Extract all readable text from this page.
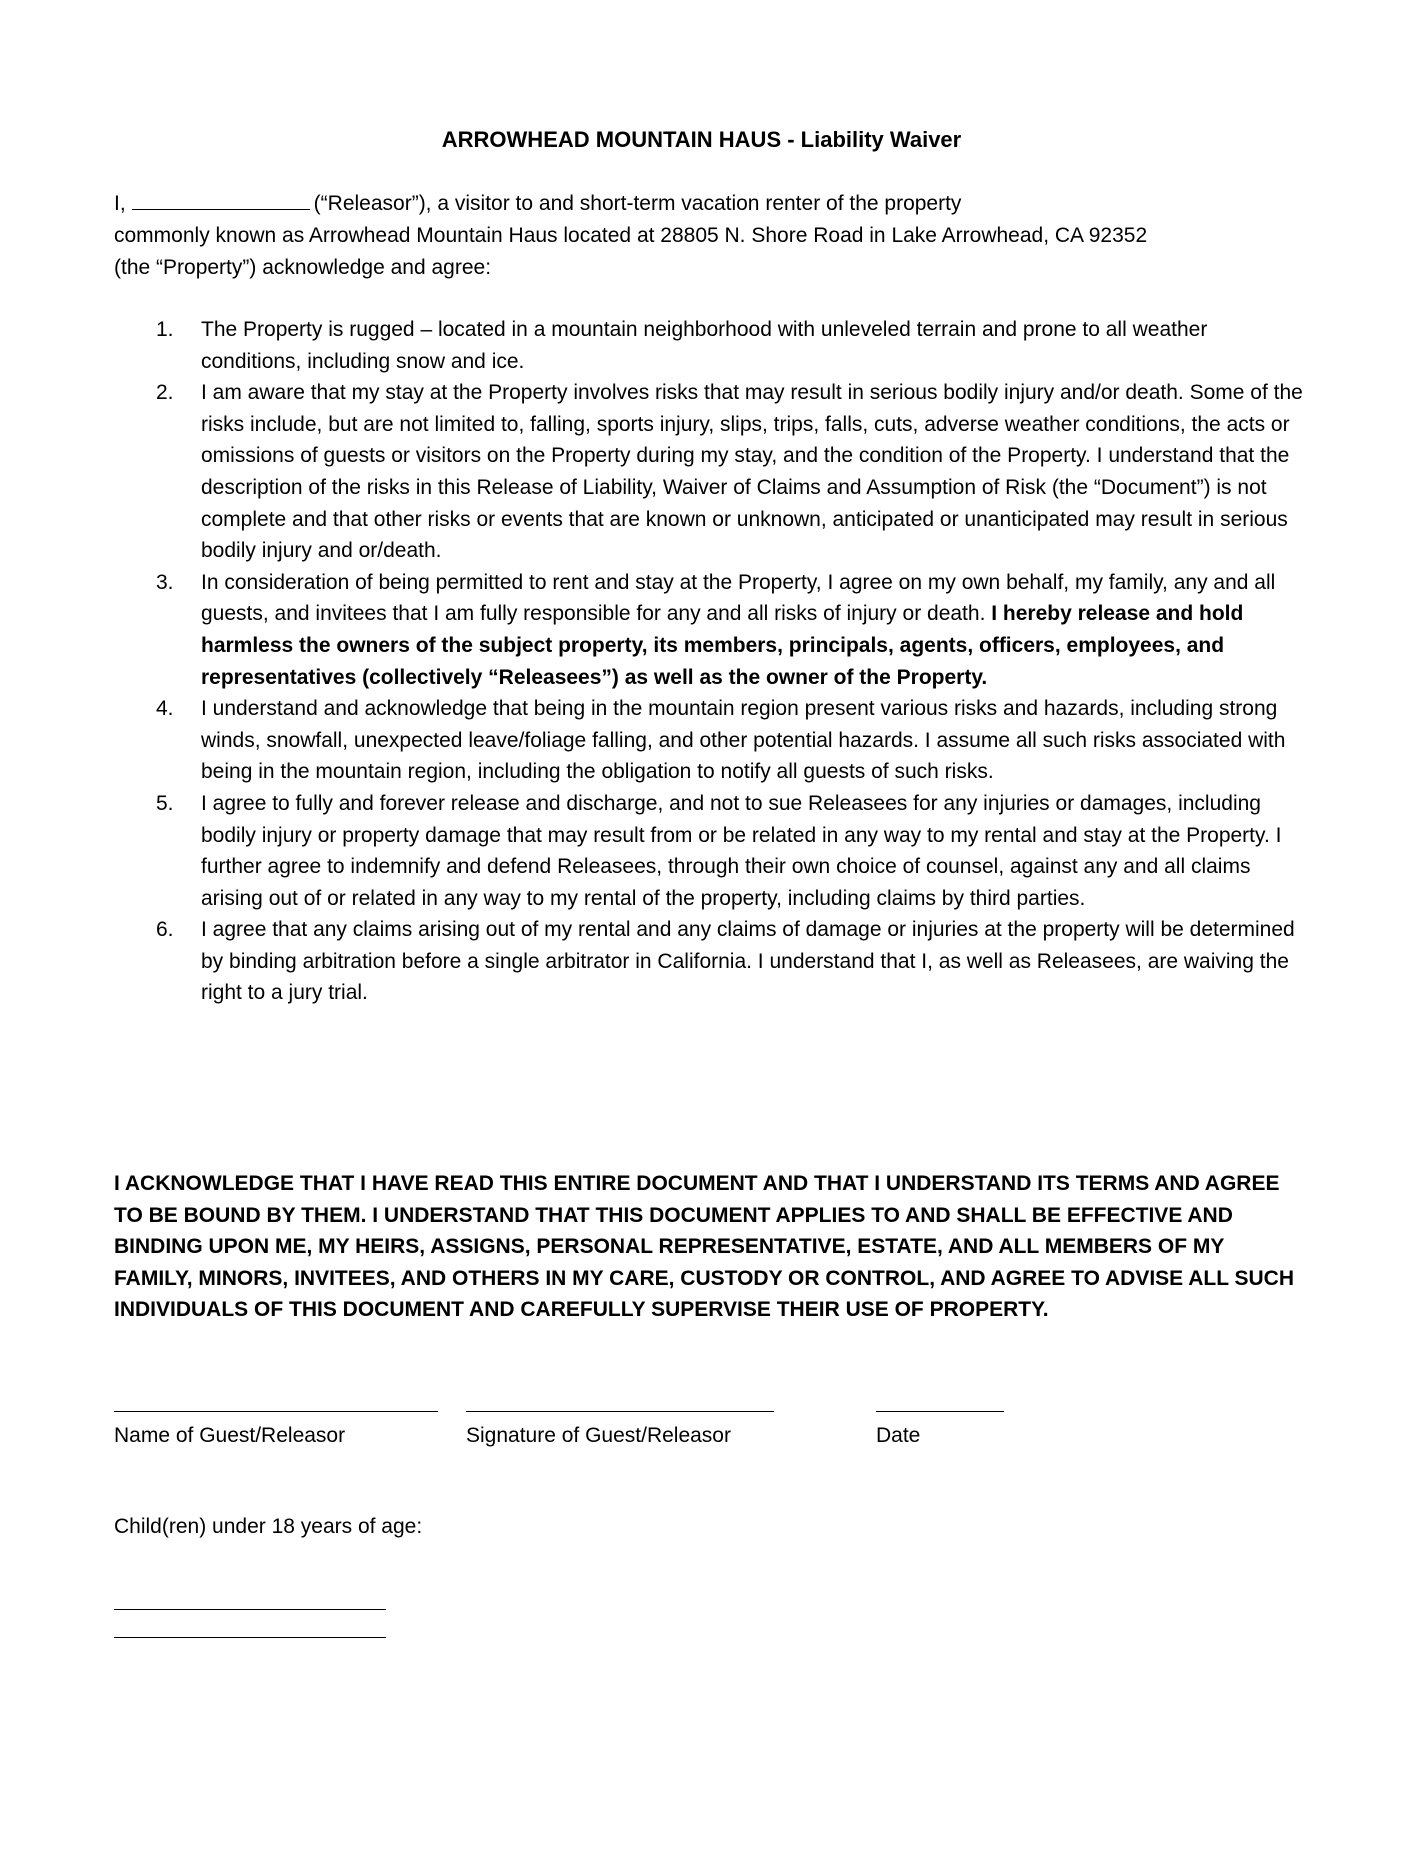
ARROWHEAD MOUNTAIN HAUS - Liability Waiver
I,	(“Releasor”), a visitor to and short-term vacation renter of the property
commonly known as Arrowhead Mountain Haus located at 28805 N. Shore Road in Lake Arrowhead, CA 92352
(the “Property”) acknowledge and agree:
1.	The Property is rugged – located in a mountain neighborhood with unleveled terrain and prone to all weather conditions, including snow and ice.
2.	I am aware that my stay at the Property involves risks that may result in serious bodily injury and/or death. Some of the risks include, but are not limited to, falling, sports injury, slips, trips, falls, cuts, adverse weather conditions, the acts or omissions of guests or visitors on the Property during my stay, and the condition of the Property. I understand that the description of the risks in this Release of Liability, Waiver of Claims and Assumption of Risk (the “Document”) is not complete and that other risks or events that are known or unknown, anticipated or unanticipated may result in serious bodily injury and or/death.
3.	In consideration of being permitted to rent and stay at the Property, I agree on my own behalf, my family, any and all guests, and invitees that I am fully responsible for any and all risks of injury or death. I hereby release and hold harmless the owners of the subject property, its members, principals, agents, officers, employees, and representatives (collectively “Releasees”) as well as the owner of the Property.
4.	I understand and acknowledge that being in the mountain region present various risks and hazards, including strong winds, snowfall, unexpected leave/foliage falling, and other potential hazards. I assume all such risks associated with being in the mountain region, including the obligation to notify all guests of such risks.
5.	I agree to fully and forever release and discharge, and not to sue Releasees for any injuries or damages, including bodily injury or property damage that may result from or be related in any way to my rental and stay at the Property. I further agree to indemnify and defend Releasees, through their own choice of counsel, against any and all claims arising out of or related in any way to my rental of the property, including claims by third parties.
6.	I agree that any claims arising out of my rental and any claims of damage or injuries at the property will be determined by binding arbitration before a single arbitrator in California. I understand that I, as well as Releasees, are waiving the right to a jury trial.
I ACKNOWLEDGE THAT I HAVE READ THIS ENTIRE DOCUMENT AND THAT I UNDERSTAND ITS TERMS AND AGREE TO BE BOUND BY THEM. I UNDERSTAND THAT THIS DOCUMENT APPLIES TO AND SHALL BE EFFECTIVE AND BINDING UPON ME, MY HEIRS, ASSIGNS, PERSONAL REPRESENTATIVE, ESTATE, AND ALL MEMBERS OF MY FAMILY, MINORS, INVITEES, AND OTHERS IN MY CARE, CUSTODY OR CONTROL, AND AGREE TO ADVISE ALL SUCH INDIVIDUALS OF THIS DOCUMENT AND CAREFULLY SUPERVISE THEIR USE OF PROPERTY.
Name of Guest/Releasor	Signature of Guest/Releasor	Date
Child(ren) under 18 years of age:
